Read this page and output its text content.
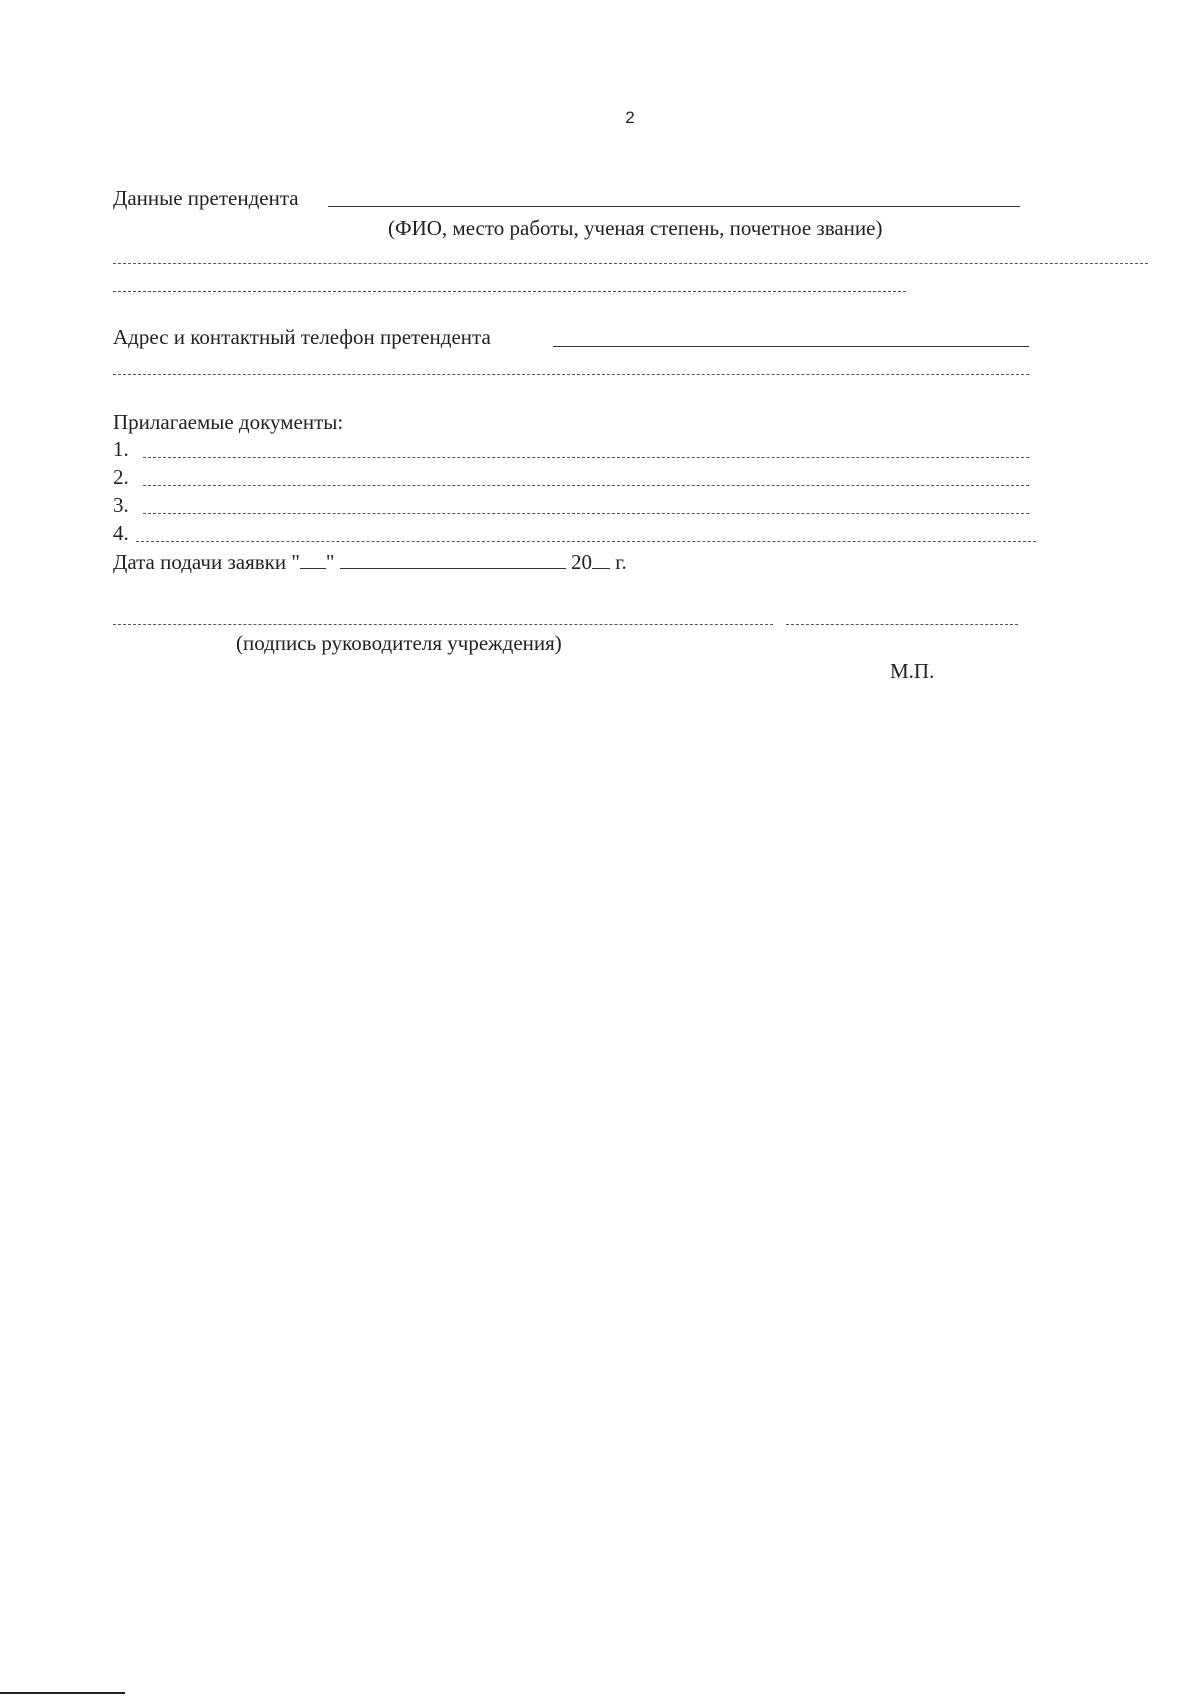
2
Данные претендента
(ФИО, место работы, ученая степень, почетное звание)
Адрес и контактный телефон претендента
Прилагаемые документы:
1.
2.
3.
4.
Дата подачи заявки " "	20 г.
(подпись руководителя учреждения)
М.П.
